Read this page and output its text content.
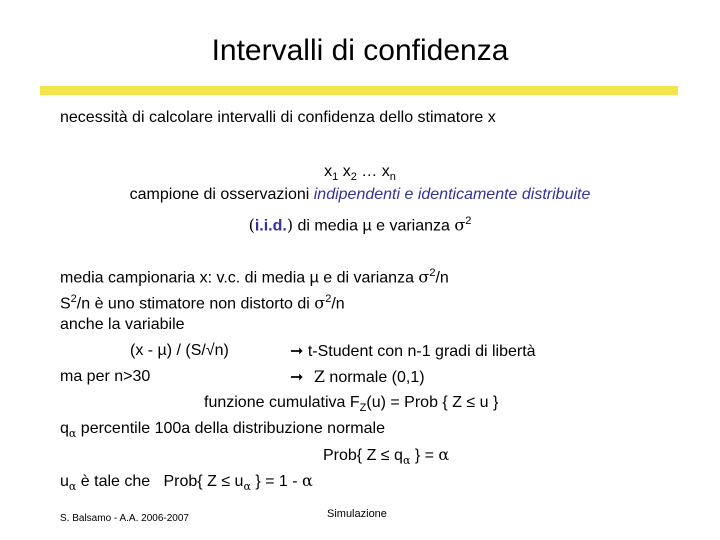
Intervalli di confidenza
necessità di calcolare intervalli di confidenza dello stimatore x
$x_1$ $x_2$ … $x_n$
campione di osservazioni indipendenti e identicamente distribuite
(i.i.d.) di media µ e varianza $\sigma^2$
media campionaria x: v.c. di media µ e di varianza $\sigma^2/n$
$S^2/n$ è uno stimatore non distorto di $\sigma^2/n$
anche la variabile
(x - µ) / (S/√n)	➞ t-Student con n-1 gradi di libertà
ma per n>30	➞ Z normale (0,1)
funzione cumulativa $F_Z(u)$ = Prob { Z ≤ u }
$q_\alpha$ percentile 100a della distribuzione normale
Prob{ $Z \le q_\alpha$ } = α
$u_\alpha$ è tale che   Prob{ $Z \le u_\alpha$ } = 1 - α
S. Balsamo - A.A. 2006-2007	Simulazione
